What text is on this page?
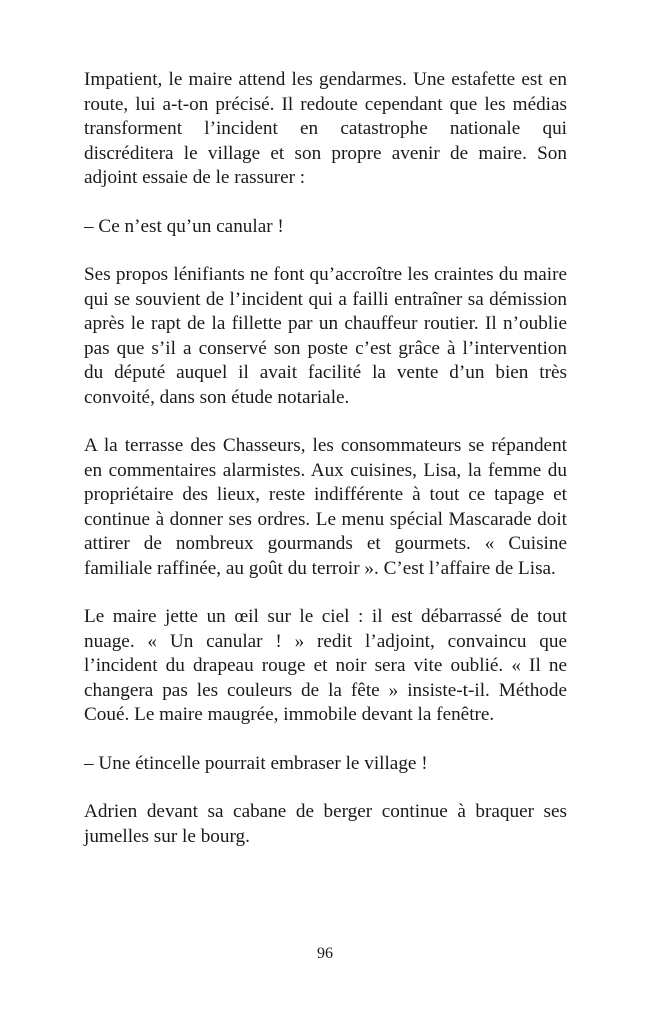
Impatient, le maire attend les gendarmes. Une estafette est en route, lui a-t-on précisé. Il redoute cependant que les médias transforment l’incident en catastrophe nationale qui discréditera le village et son propre avenir de maire. Son adjoint essaie de le rassurer :

– Ce n’est qu’un canular !

Ses propos lénifiants ne font qu’accroître les craintes du maire qui se souvient de l’incident qui a failli entraîner sa démission après le rapt de la fillette par un chauffeur routier. Il n’oublie pas que s’il a conservé son poste c’est grâce à l’intervention du député auquel il avait facilité la vente d’un bien très convoité, dans son étude notariale.

A la terrasse des Chasseurs, les consommateurs se répandent en commentaires alarmistes. Aux cuisines, Lisa, la femme du propriétaire des lieux, reste indifférente à tout ce tapage et continue à donner ses ordres. Le menu spécial Mascarade doit attirer de nombreux gourmands et gourmets. « Cuisine familiale raffinée, au goût du terroir ». C’est l’affaire de Lisa.

Le maire jette un œil sur le ciel : il est débarrassé de tout nuage. « Un canular ! » redit l’adjoint, convaincu que l’incident du drapeau rouge et noir sera vite oublié. « Il ne changera pas les couleurs de la fête » insiste-t-il. Méthode Coué. Le maire maugrée, immobile devant la fenêtre.

– Une étincelle pourrait embraser le village !

Adrien devant sa cabane de berger continue à braquer ses jumelles sur le bourg.

96
